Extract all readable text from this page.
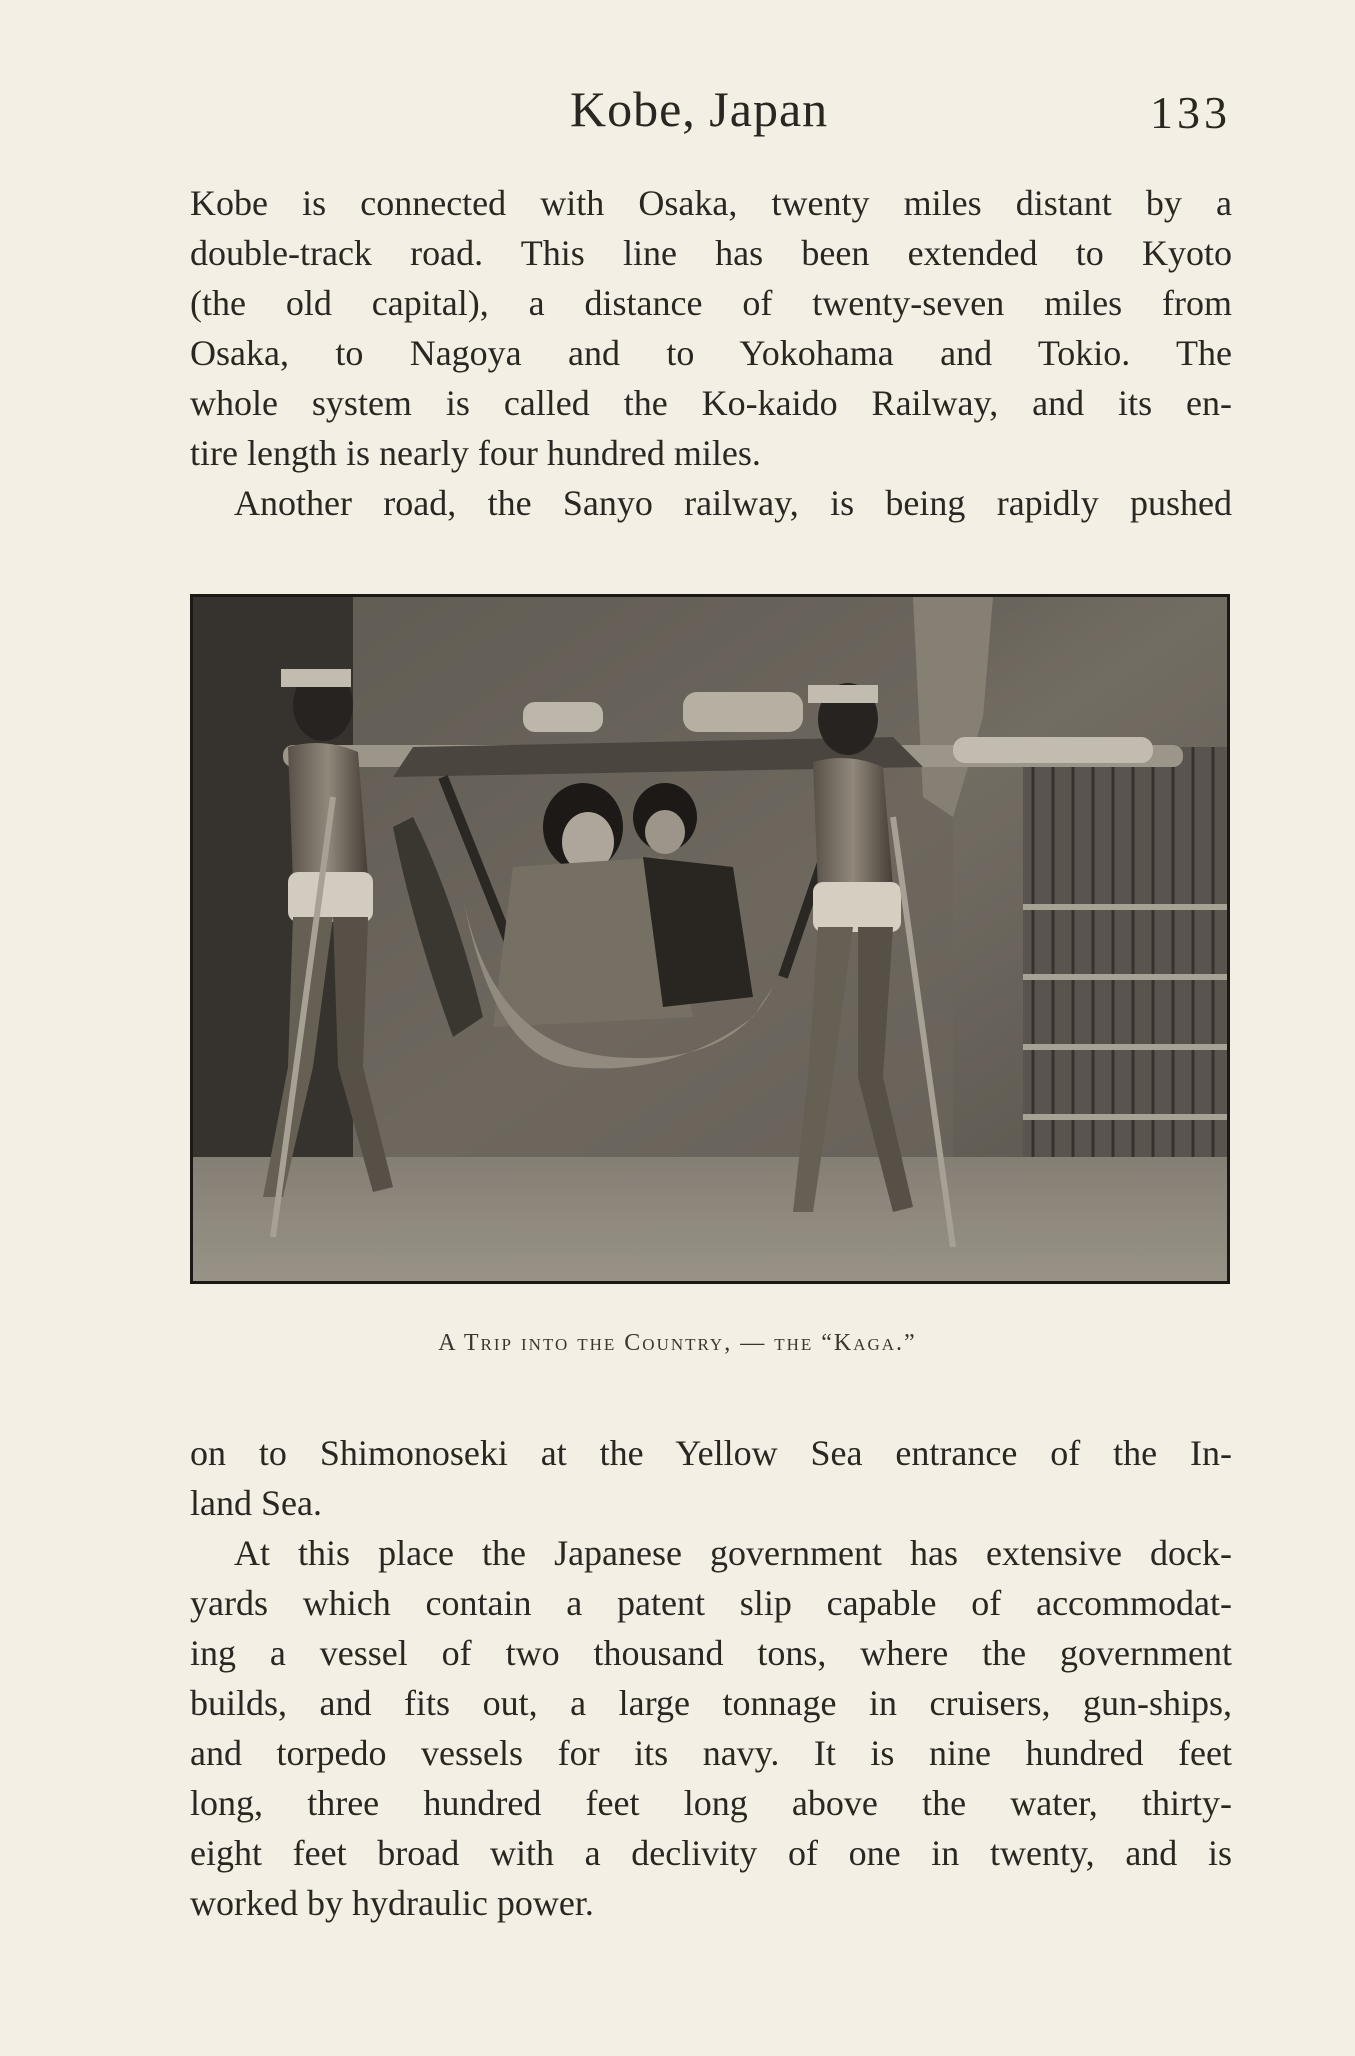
Kobe, Japan	133
Kobe is connected with Osaka, twenty miles distant by a
double-track road. This line has been extended to Kyoto
(the old capital), a distance of twenty-seven miles from
Osaka, to Nagoya and to Yokohama and Tokio. The
whole system is called the Ko-kaido Railway, and its en-
tire length is nearly four hundred miles.
Another road, the Sanyo railway, is being rapidly pushed
A Trip into the Country, — the “Kaga.”
on to Shimonoseki at the Yellow Sea entrance of the In-
land Sea.
At this place the Japanese government has extensive dock-
yards which contain a patent slip capable of accommodat-
ing a vessel of two thousand tons, where the government
builds, and fits out, a large tonnage in cruisers, gun-ships,
and torpedo vessels for its navy. It is nine hundred feet
long, three hundred feet long above the water, thirty-
eight feet broad with a declivity of one in twenty, and is
worked by hydraulic power.
